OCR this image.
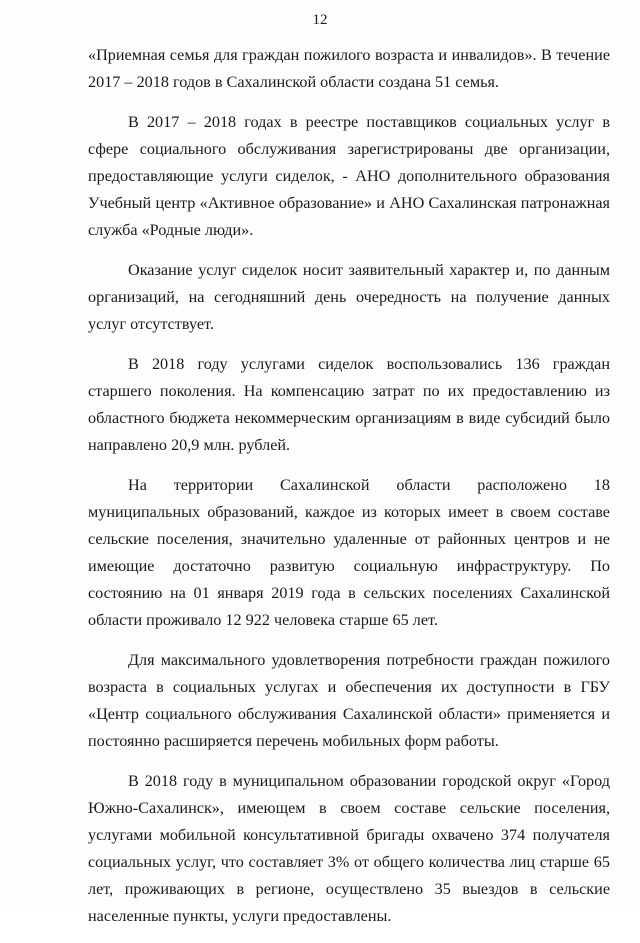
12

«Приемная семья для граждан пожилого возраста и инвалидов». В течение 2017 – 2018 годов в Сахалинской области создана 51 семья.

В 2017 – 2018 годах в реестре поставщиков социальных услуг в сфере социального обслуживания зарегистрированы две организации, предоставляющие услуги сиделок, - АНО дополнительного образования Учебный центр «Активное образование» и АНО Сахалинская патронажная служба «Родные люди».

Оказание услуг сиделок носит заявительный характер и, по данным организаций, на сегодняшний день очередность на получение данных услуг отсутствует.

В 2018 году услугами сиделок воспользовались 136 граждан старшего поколения. На компенсацию затрат по их предоставлению из областного бюджета некоммерческим организациям в виде субсидий было направлено 20,9 млн. рублей.

На территории Сахалинской области расположено 18 муниципальных образований, каждое из которых имеет в своем составе сельские поселения, значительно удаленные от районных центров и не имеющие достаточно развитую социальную инфраструктуру. По состоянию на 01 января 2019 года в сельских поселениях Сахалинской области проживало 12 922 человека старше 65 лет.

Для максимального удовлетворения потребности граждан пожилого возраста в социальных услугах и обеспечения их доступности в ГБУ «Центр социального обслуживания Сахалинской области» применяется и постоянно расширяется перечень мобильных форм работы.

В 2018 году в муниципальном образовании городской округ «Город Южно-Сахалинск», имеющем в своем составе сельские поселения, услугами мобильной консультативной бригады охвачено 374 получателя социальных услуг, что составляет 3% от общего количества лиц старше 65 лет, проживающих в регионе, осуществлено 35 выездов в сельские населенные пункты, услуги предоставлены.
